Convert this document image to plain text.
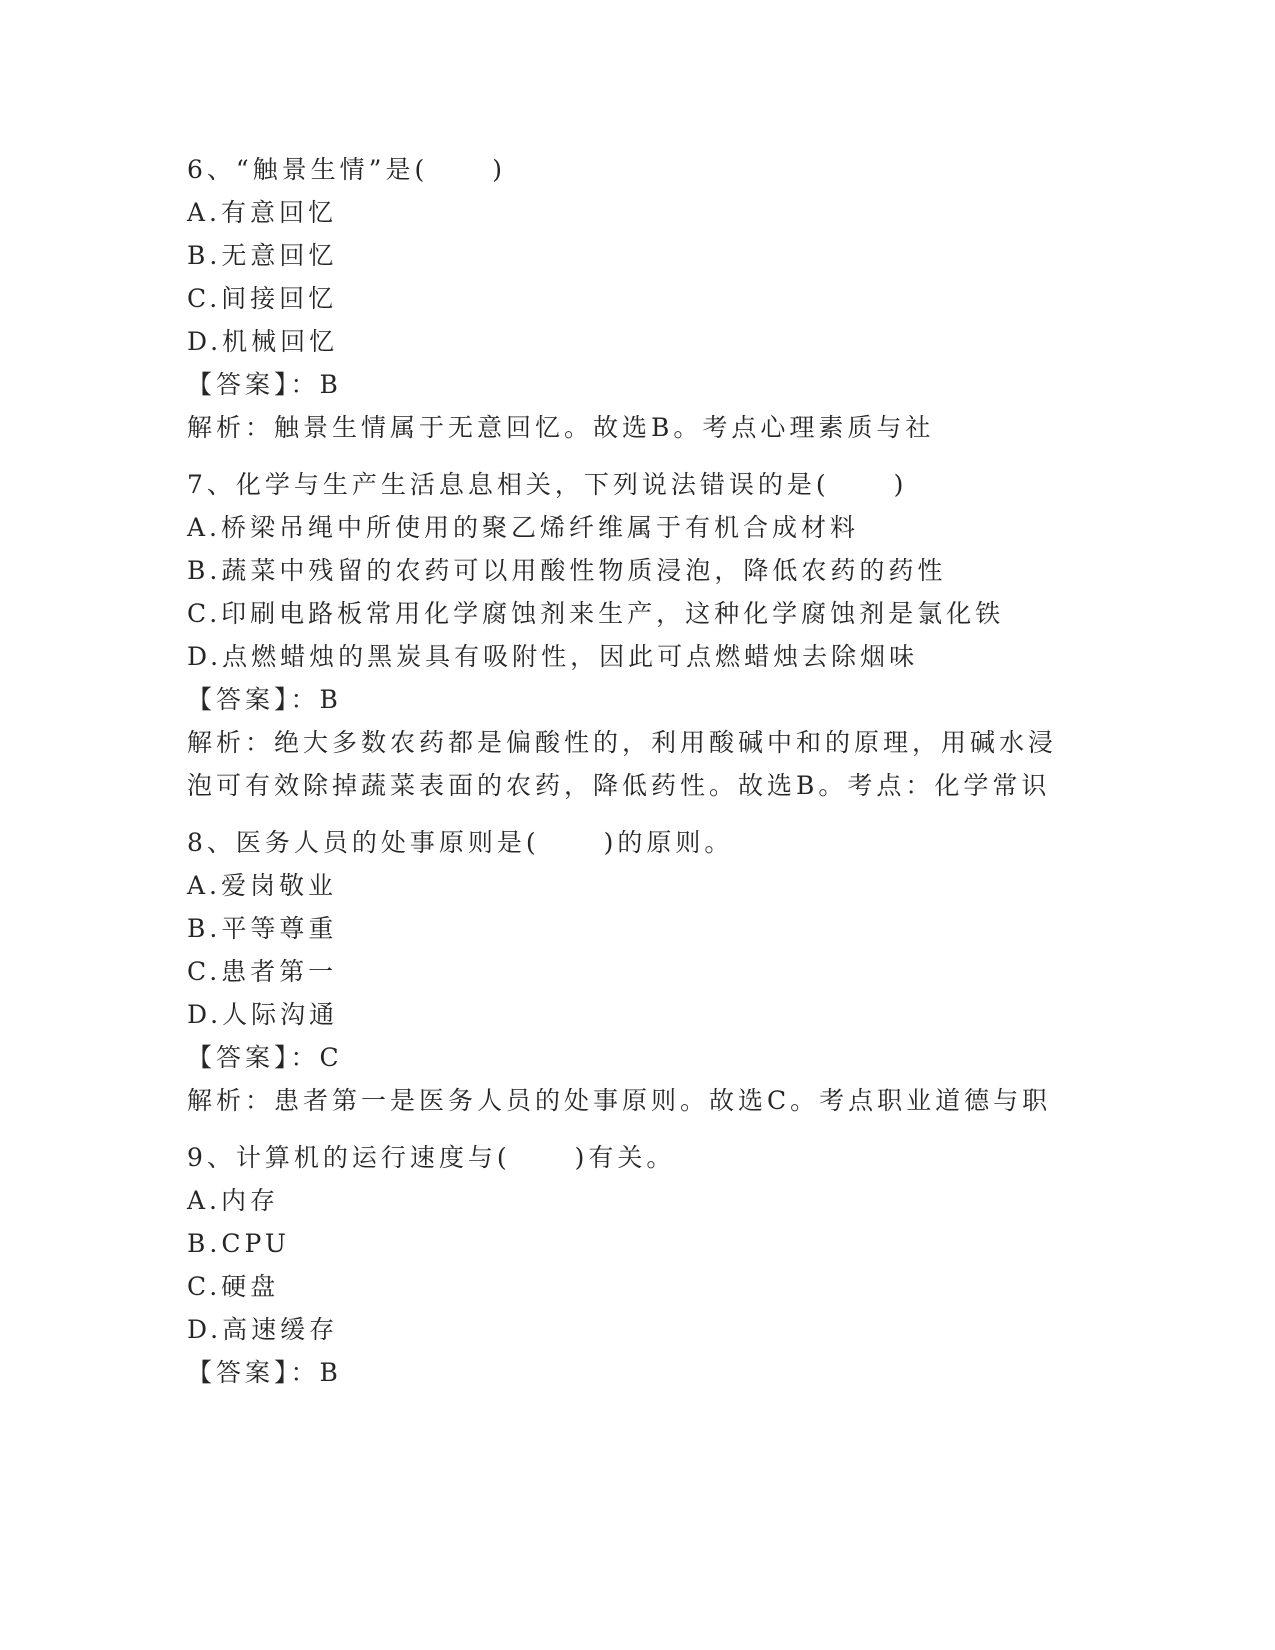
6、“触景生情”是(	)
A.有意回忆
B.无意回忆
C.间接回忆
D.机械回忆
【答案】：B
解析：触景生情属于无意回忆。故选B。考点心理素质与社
7、化学与生产生活息息相关，下列说法错误的是(	)
A.桥梁吊绳中所使用的聚乙烯纤维属于有机合成材料
B.蔬菜中残留的农药可以用酸性物质浸泡，降低农药的药性
C.印刷电路板常用化学腐蚀剂来生产，这种化学腐蚀剂是氯化铁
D.点燃蜡烛的黑炭具有吸附性，因此可点燃蜡烛去除烟味
【答案】：B
解析：绝大多数农药都是偏酸性的，利用酸碱中和的原理，用碱水浸
泡可有效除掉蔬菜表面的农药，降低药性。故选B。考点：化学常识
8、医务人员的处事原则是(	)的原则。
A.爱岗敬业
B.平等尊重
C.患者第一
D.人际沟通
【答案】：C
解析：患者第一是医务人员的处事原则。故选C。考点职业道德与职
9、计算机的运行速度与(	)有关。
A.内存
B.CPU
C.硬盘
D.高速缓存
【答案】：B
